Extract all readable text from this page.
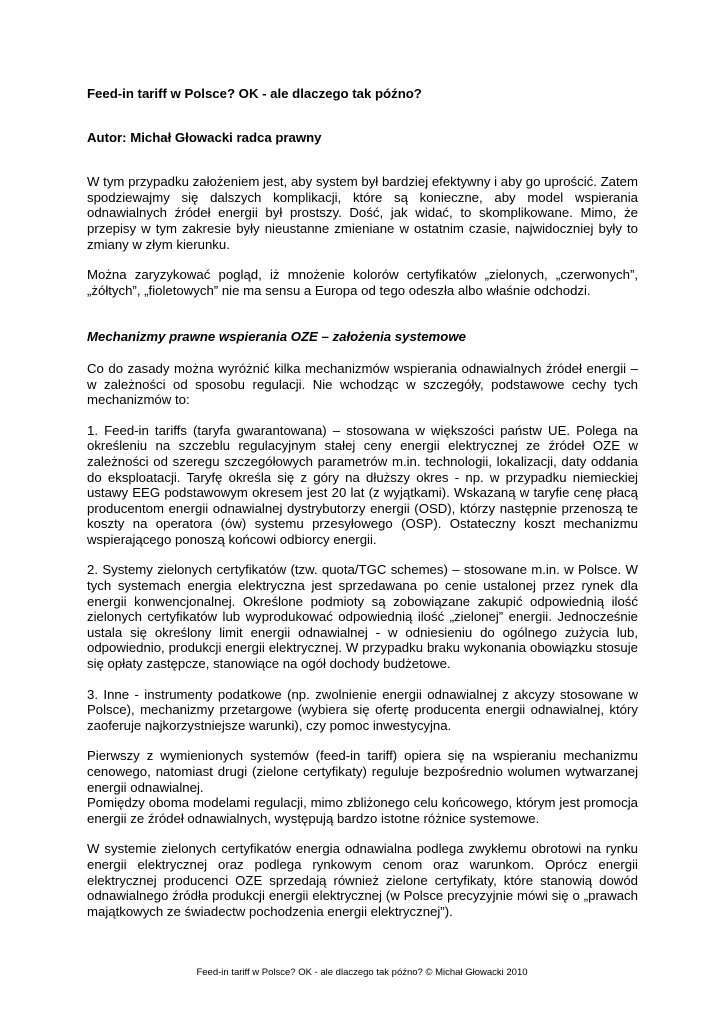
Feed-in tariff w Polsce? OK - ale dlaczego tak późno?

Autor: Michał Głowacki radca prawny

W tym przypadku założeniem jest, aby system był bardziej efektywny i aby go uprościć. Zatem spodziewajmy się dalszych komplikacji, które są konieczne, aby model wspierania odnawialnych źródeł energii był prostszy. Dość, jak widać, to skomplikowane. Mimo, że przepisy w tym zakresie były nieustanne zmieniane w ostatnim czasie, najwidoczniej były to zmiany w złym kierunku.

Można zaryzykować pogląd, iż mnożenie kolorów certyfikatów „zielonych, „czerwonych”, „żółtych”, „fioletowych” nie ma sensu a Europa od tego odeszła albo właśnie odchodzi.

Mechanizmy prawne wspierania OZE – założenia systemowe

Co do zasady można wyróżnić kilka mechanizmów wspierania odnawialnych źródeł energii – w zależności od sposobu regulacji. Nie wchodząc w szczegóły, podstawowe cechy tych mechanizmów to:

1. Feed-in tariffs (taryfa gwarantowana) – stosowana w większości państw UE. Polega na określeniu na szczeblu regulacyjnym stałej ceny energii elektrycznej ze źródeł OZE w zależności od szeregu szczegółowych parametrów m.in. technologii, lokalizacji, daty oddania do eksploatacji. Taryfę określa się z góry na dłuższy okres - np. w przypadku niemieckiej ustawy EEG podstawowym okresem jest 20 lat (z wyjątkami). Wskazaną w taryfie cenę płacą producentom energii odnawialnej dystrybutorzy energii (OSD), którzy następnie przenoszą te koszty na operatora (ów) systemu przesyłowego (OSP). Ostateczny koszt mechanizmu wspierającego ponoszą końcowi odbiorcy energii.

2. Systemy zielonych certyfikatów (tzw. quota/TGC schemes) – stosowane m.in. w Polsce. W tych systemach energia elektryczna jest sprzedawana po cenie ustalonej przez rynek dla energii konwencjonalnej. Określone podmioty są zobowiązane zakupić odpowiednią ilość zielonych certyfikatów lub wyprodukować odpowiednią ilość „zielonej” energii. Jednocześnie ustala się określony limit energii odnawialnej - w odniesieniu do ogólnego zużycia lub, odpowiednio, produkcji energii elektrycznej. W przypadku braku wykonania obowiązku stosuje się opłaty zastępcze, stanowiące na ogół dochody budżetowe.

3. Inne - instrumenty podatkowe (np. zwolnienie energii odnawialnej z akcyzy stosowane w Polsce), mechanizmy przetargowe (wybiera się ofertę producenta energii odnawialnej, który zaoferuje najkorzystniejsze warunki), czy pomoc inwestycyjna.

Pierwszy z wymienionych systemów (feed-in tariff) opiera się na wspieraniu mechanizmu cenowego, natomiast drugi (zielone certyfikaty) reguluje bezpośrednio wolumen wytwarzanej energii odnawialnej.

Pomiędzy oboma modelami regulacji, mimo zbliżonego celu końcowego, którym jest promocja energii ze źródeł odnawialnych, występują bardzo istotne różnice systemowe.

W systemie zielonych certyfikatów energia odnawialna podlega zwykłemu obrotowi na rynku energii elektrycznej oraz podlega rynkowym cenom oraz warunkom. Oprócz energii elektrycznej producenci OZE sprzedają również zielone certyfikaty, które stanowią dowód odnawialnego źródła produkcji energii elektrycznej (w Polsce precyzyjnie mówi się o „prawach majątkowych ze świadectw pochodzenia energii elektrycznej”).

Feed-in tariff w Polsce? OK - ale dlaczego tak późno? © Michał Głowacki 2010
